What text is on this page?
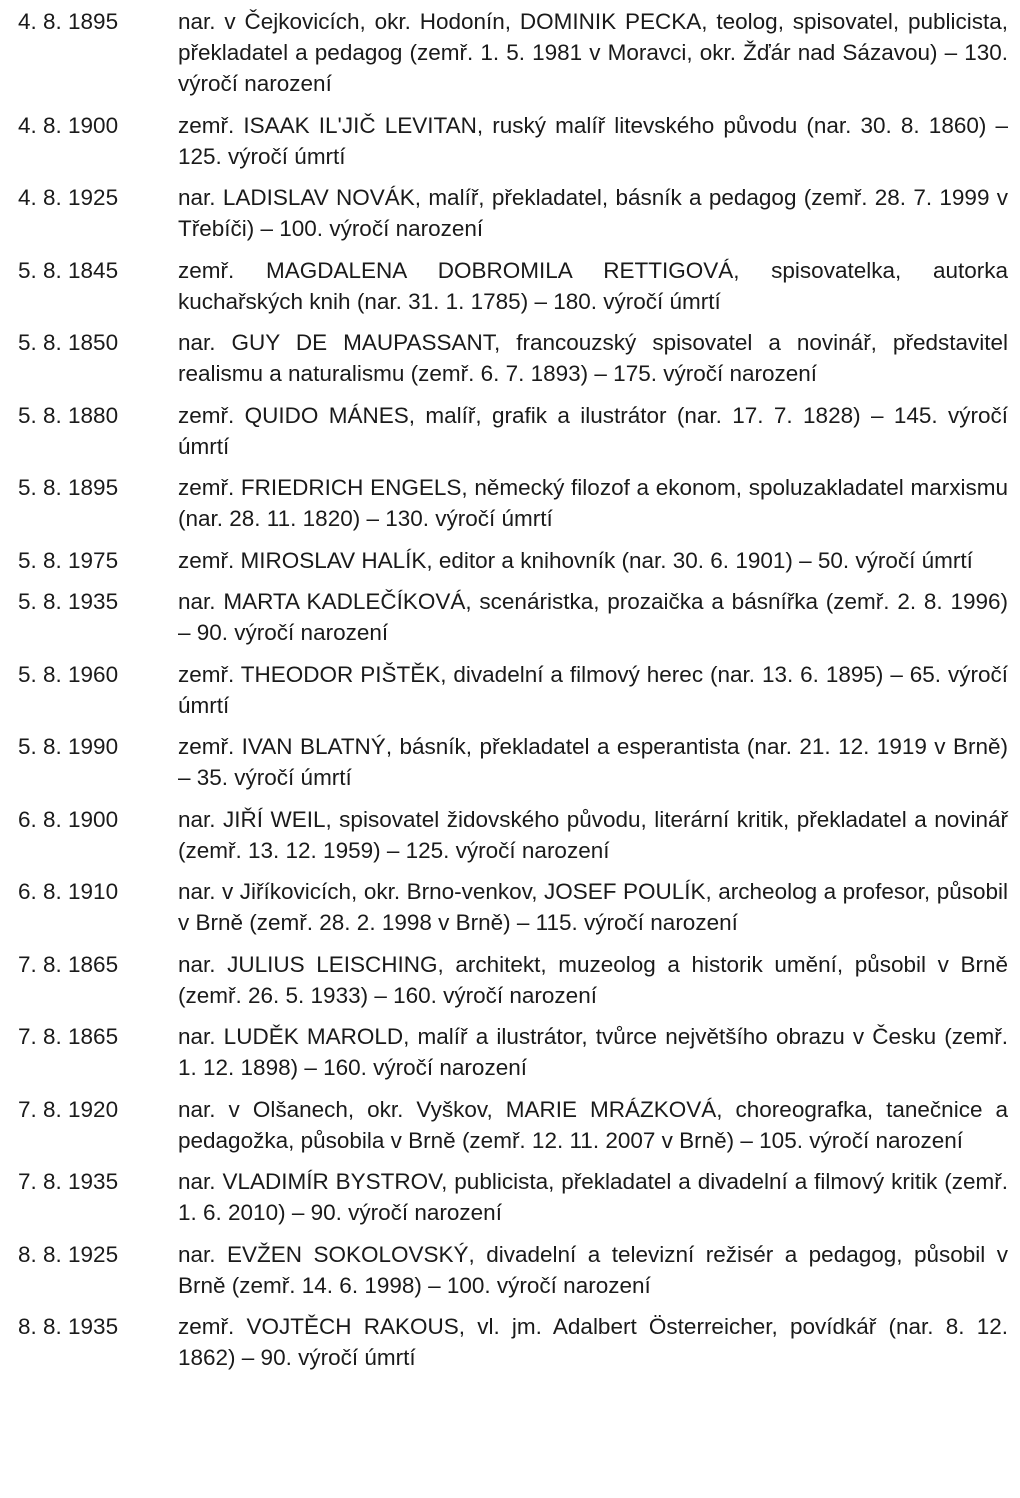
4. 8. 1895	nar. v Čejkovicích, okr. Hodonín, DOMINIK PECKA, teolog, spisovatel, publicista, překladatel a pedagog (zemř. 1. 5. 1981 v Moravci, okr. Žďár nad Sázavou) – 130. výročí narození
4. 8. 1900	zemř. ISAAK IL'JIČ LEVITAN, ruský malíř litevského původu (nar. 30. 8. 1860) – 125. výročí úmrtí
4. 8. 1925	nar. LADISLAV NOVÁK, malíř, překladatel, básník a pedagog (zemř. 28. 7. 1999 v Třebíči) – 100. výročí narození
5. 8. 1845	zemř. MAGDALENA DOBROMILA RETTIGOVÁ, spisovatelka, autorka kuchařských knih (nar. 31. 1. 1785) – 180. výročí úmrtí
5. 8. 1850	nar. GUY DE MAUPASSANT, francouzský spisovatel a novinář, představitel realismu a naturalismu (zemř. 6. 7. 1893) – 175. výročí narození
5. 8. 1880	zemř. QUIDO MÁNES, malíř, grafik a ilustrátor (nar. 17. 7. 1828) – 145. výročí úmrtí
5. 8. 1895	zemř. FRIEDRICH ENGELS, německý filozof a ekonom, spoluzakladatel marxismu (nar. 28. 11. 1820) – 130. výročí úmrtí
5. 8. 1975	zemř. MIROSLAV HALÍK, editor a knihovník (nar. 30. 6. 1901) – 50. výročí úmrtí
5. 8. 1935	nar. MARTA KADLEČÍKOVÁ, scenáristka, prozaička a básnířka (zemř. 2. 8. 1996) – 90. výročí narození
5. 8. 1960	zemř. THEODOR PIŠTĚK, divadelní a filmový herec (nar. 13. 6. 1895) – 65. výročí úmrtí
5. 8. 1990	zemř. IVAN BLATNÝ, básník, překladatel a esperantista (nar. 21. 12. 1919 v Brně) – 35. výročí úmrtí
6. 8. 1900	nar. JIŘÍ WEIL, spisovatel židovského původu, literární kritik, překladatel a novinář (zemř. 13. 12. 1959) – 125. výročí narození
6. 8. 1910	nar. v Jiříkovicích, okr. Brno-venkov, JOSEF POULÍK, archeolog a profesor, působil v Brně (zemř. 28. 2. 1998 v Brně) – 115. výročí narození
7. 8. 1865	nar. JULIUS LEISCHING, architekt, muzeolog a historik umění, působil v Brně (zemř. 26. 5. 1933) – 160. výročí narození
7. 8. 1865	nar. LUDĚK MAROLD, malíř a ilustrátor, tvůrce největšího obrazu v Česku (zemř. 1. 12. 1898) – 160. výročí narození
7. 8. 1920	nar. v Olšanech, okr. Vyškov, MARIE MRÁZKOVÁ, choreografka, tanečnice a pedagožka, působila v Brně (zemř. 12. 11. 2007 v Brně) – 105. výročí narození
7. 8. 1935	nar. VLADIMÍR BYSTROV, publicista, překladatel a divadelní a filmový kritik (zemř. 1. 6. 2010) – 90. výročí narození
8. 8. 1925	nar. EVŽEN SOKOLOVSKÝ, divadelní a televizní režisér a pedagog, působil v Brně (zemř. 14. 6. 1998) – 100. výročí narození
8. 8. 1935	zemř. VOJTĚCH RAKOUS, vl. jm. Adalbert Österreicher, povídkář (nar. 8. 12. 1862) – 90. výročí úmrtí
